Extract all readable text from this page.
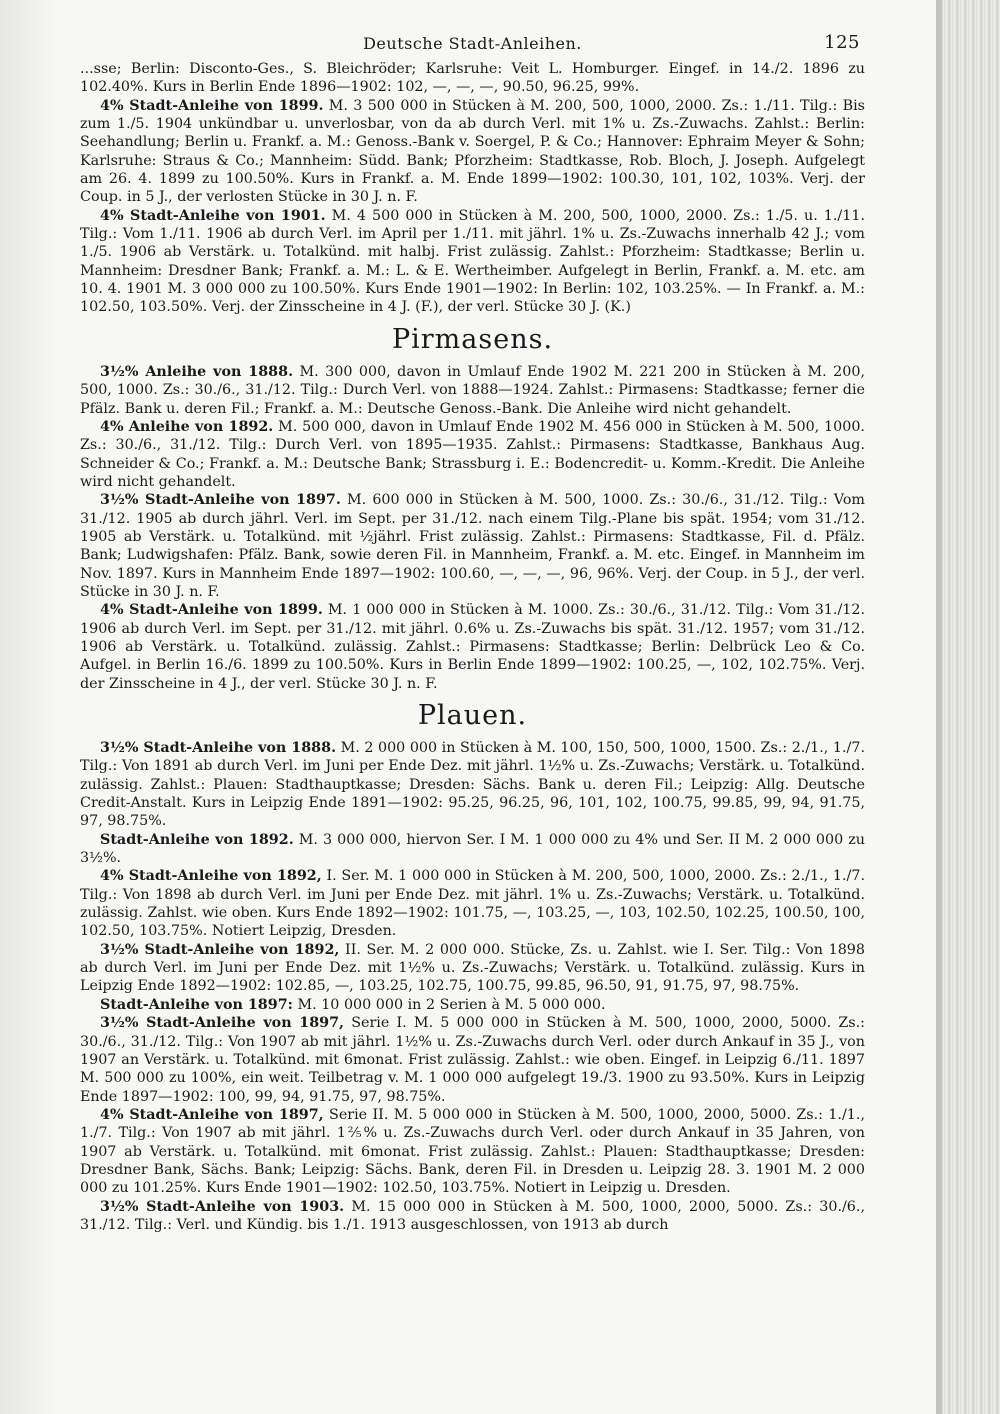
Deutsche Stadt-Anleihen.	125

...sse; Berlin: Disconto-Ges., S. Bleichröder; Karlsruhe: Veit L. Homburger. Eingef. in 14./2. 1896 zu 102.40%. Kurs in Berlin Ende 1896—1902: 102, —, —, —, 90.50, 96.25, 99%.

4% Stadt-Anleihe von 1899. M. 3 500 000 in Stücken à M. 200, 500, 1000, 2000. Zs.: 1./11. Tilg.: Bis zum 1./5. 1904 unkündbar u. unverlosbar, von da ab durch Verl. mit 1% u. Zs.-Zuwachs. Zahlst.: Berlin: Seehandlung; Berlin u. Frankf. a. M.: Genoss.-Bank v. Soergel, P. & Co.; Hannover: Ephraim Meyer & Sohn; Karlsruhe: Straus & Co.; Mannheim: Südd. Bank; Pforzheim: Stadtkasse, Rob. Bloch, J. Joseph. Aufgelegt am 26. 4. 1899 zu 100.50%. Kurs in Frankf. a. M. Ende 1899—1902: 100.30, 101, 102, 103%. Verj. der Coup. in 5 J., der verlosten Stücke in 30 J. n. F.

4% Stadt-Anleihe von 1901. M. 4 500 000 in Stücken à M. 200, 500, 1000, 2000. Zs.: 1./5. u. 1./11. Tilg.: Vom 1./11. 1906 ab durch Verl. im April per 1./11. mit jährl. 1% u. Zs.-Zuwachs innerhalb 42 J.; vom 1./5. 1906 ab Verstärk. u. Totalkünd. mit halbj. Frist zulässig. Zahlst.: Pforzheim: Stadtkasse; Berlin u. Mannheim: Dresdner Bank; Frankf. a. M.: L. & E. Wertheimber. Aufgelegt in Berlin, Frankf. a. M. etc. am 10. 4. 1901 M. 3 000 000 zu 100.50%. Kurs Ende 1901—1902: In Berlin: 102, 103.25%. — In Frankf. a. M.: 102.50, 103.50%. Verj. der Zinsscheine in 4 J. (F.), der verl. Stücke 30 J. (K.)

Pirmasens.

3½% Anleihe von 1888. M. 300 000, davon in Umlauf Ende 1902 M. 221 200 in Stücken à M. 200, 500, 1000. Zs.: 30./6., 31./12. Tilg.: Durch Verl. von 1888—1924. Zahlst.: Pirmasens: Stadtkasse; ferner die Pfälz. Bank u. deren Fil.; Frankf. a. M.: Deutsche Genoss.-Bank. Die Anleihe wird nicht gehandelt.

4% Anleihe von 1892. M. 500 000, davon in Umlauf Ende 1902 M. 456 000 in Stücken à M. 500, 1000. Zs.: 30./6., 31./12. Tilg.: Durch Verl. von 1895—1935. Zahlst.: Pirmasens: Stadtkasse, Bankhaus Aug. Schneider & Co.; Frankf. a. M.: Deutsche Bank; Strassburg i. E.: Bodencredit- u. Komm.-Kredit. Die Anleihe wird nicht gehandelt.

3½% Stadt-Anleihe von 1897. M. 600 000 in Stücken à M. 500, 1000. Zs.: 30./6., 31./12. Tilg.: Vom 31./12. 1905 ab durch jährl. Verl. im Sept. per 31./12. nach einem Tilg.-Plane bis spät. 1954; vom 31./12. 1905 ab Verstärk. u. Totalkünd. mit ½jährl. Frist zulässig. Zahlst.: Pirmasens: Stadtkasse, Fil. d. Pfälz. Bank; Ludwigshafen: Pfälz. Bank, sowie deren Fil. in Mannheim, Frankf. a. M. etc. Eingef. in Mannheim im Nov. 1897. Kurs in Mannheim Ende 1897—1902: 100.60, —, —, —, 96, 96%. Verj. der Coup. in 5 J., der verl. Stücke in 30 J. n. F.

4% Stadt-Anleihe von 1899. M. 1 000 000 in Stücken à M. 1000. Zs.: 30./6., 31./12. Tilg.: Vom 31./12. 1906 ab durch Verl. im Sept. per 31./12. mit jährl. 0.6% u. Zs.-Zuwachs bis spät. 31./12. 1957; vom 31./12. 1906 ab Verstärk. u. Totalkünd. zulässig. Zahlst.: Pirmasens: Stadtkasse; Berlin: Delbrück Leo & Co. Aufgel. in Berlin 16./6. 1899 zu 100.50%. Kurs in Berlin Ende 1899—1902: 100.25, —, 102, 102.75%. Verj. der Zinsscheine in 4 J., der verl. Stücke 30 J. n. F.

Plauen.

3½% Stadt-Anleihe von 1888. M. 2 000 000 in Stücken à M. 100, 150, 500, 1000, 1500. Zs.: 2./1., 1./7. Tilg.: Von 1891 ab durch Verl. im Juni per Ende Dez. mit jährl. 1½% u. Zs.-Zuwachs; Verstärk. u. Totalkünd. zulässig. Zahlst.: Plauen: Stadthauptkasse; Dresden: Sächs. Bank u. deren Fil.; Leipzig: Allg. Deutsche Credit-Anstalt. Kurs in Leipzig Ende 1891—1902: 95.25, 96.25, 96, 101, 102, 100.75, 99.85, 99, 94, 91.75, 97, 98.75%.

Stadt-Anleihe von 1892. M. 3 000 000, hiervon Ser. I M. 1 000 000 zu 4% und Ser. II M. 2 000 000 zu 3½%.

4% Stadt-Anleihe von 1892, I. Ser. M. 1 000 000 in Stücken à M. 200, 500, 1000, 2000. Zs.: 2./1., 1./7. Tilg.: Von 1898 ab durch Verl. im Juni per Ende Dez. mit jährl. 1% u. Zs.-Zuwachs; Verstärk. u. Totalkünd. zulässig. Zahlst. wie oben. Kurs Ende 1892—1902: 101.75, —, 103.25, —, 103, 102.50, 102.25, 100.50, 100, 102.50, 103.75%. Notiert Leipzig, Dresden.

3½% Stadt-Anleihe von 1892, II. Ser. M. 2 000 000. Stücke, Zs. u. Zahlst. wie I. Ser. Tilg.: Von 1898 ab durch Verl. im Juni per Ende Dez. mit 1½% u. Zs.-Zuwachs; Verstärk. u. Totalkünd. zulässig. Kurs in Leipzig Ende 1892—1902: 102.85, —, 103.25, 102.75, 100.75, 99.85, 96.50, 91, 91.75, 97, 98.75%.

Stadt-Anleihe von 1897: M. 10 000 000 in 2 Serien à M. 5 000 000.

3½% Stadt-Anleihe von 1897, Serie I. M. 5 000 000 in Stücken à M. 500, 1000, 2000, 5000. Zs.: 30./6., 31./12. Tilg.: Von 1907 ab mit jährl. 1½% u. Zs.-Zuwachs durch Verl. oder durch Ankauf in 35 J., von 1907 an Verstärk. u. Totalkünd. mit 6monat. Frist zulässig. Zahlst.: wie oben. Eingef. in Leipzig 6./11. 1897 M. 500 000 zu 100%, ein weit. Teilbetrag v. M. 1 000 000 aufgelegt 19./3. 1900 zu 93.50%. Kurs in Leipzig Ende 1897—1902: 100, 99, 94, 91.75, 97, 98.75%.

4% Stadt-Anleihe von 1897, Serie II. M. 5 000 000 in Stücken à M. 500, 1000, 2000, 5000. Zs.: 1./1., 1./7. Tilg.: Von 1907 ab mit jährl. 1⅖% u. Zs.-Zuwachs durch Verl. oder durch Ankauf in 35 Jahren, von 1907 ab Verstärk. u. Totalkünd. mit 6monat. Frist zulässig. Zahlst.: Plauen: Stadthauptkasse; Dresden: Dresdner Bank, Sächs. Bank; Leipzig: Sächs. Bank, deren Fil. in Dresden u. Leipzig 28. 3. 1901 M. 2 000 000 zu 101.25%. Kurs Ende 1901—1902: 102.50, 103.75%. Notiert in Leipzig u. Dresden.

3½% Stadt-Anleihe von 1903. M. 15 000 000 in Stücken à M. 500, 1000, 2000, 5000. Zs.: 30./6., 31./12. Tilg.: Verl. und Kündig. bis 1./1. 1913 ausgeschlossen, von 1913 ab durch
